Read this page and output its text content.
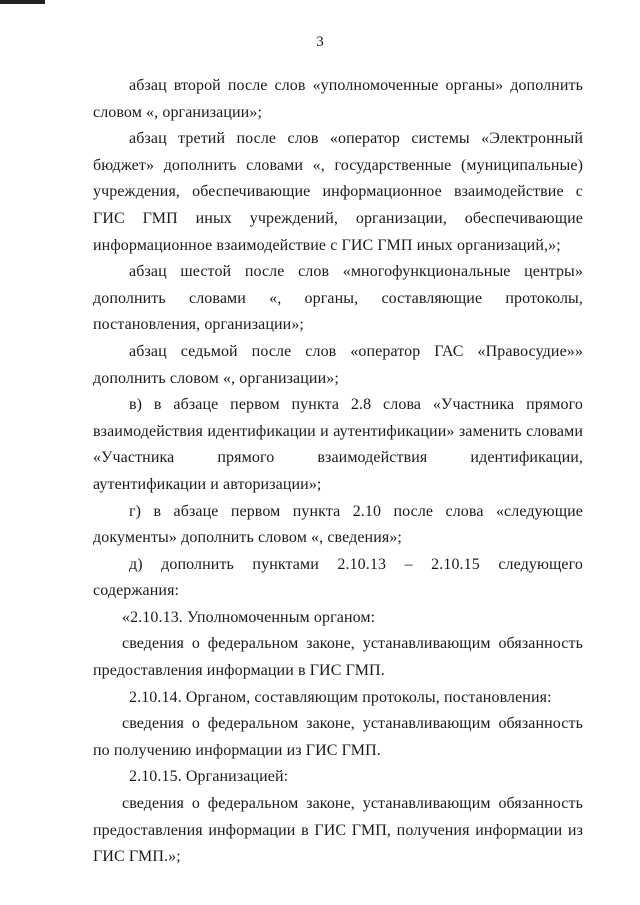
3

абзац второй после слов «уполномоченные органы» дополнить словом «, организации»;

абзац третий после слов «оператор системы «Электронный бюджет» дополнить словами «, государственные (муниципальные) учреждения, обеспечивающие информационное взаимодействие с ГИС ГМП иных учреждений, организации, обеспечивающие информационное взаимодействие с ГИС ГМП иных организаций,»;

абзац шестой после слов «многофункциональные центры» дополнить словами «, органы, составляющие протоколы, постановления, организации»;

абзац седьмой после слов «оператор ГАС «Правосудие»» дополнить словом «, организации»;

в) в абзаце первом пункта 2.8 слова «Участника прямого взаимодействия идентификации и аутентификации» заменить словами «Участника прямого взаимодействия идентификации, аутентификации и авторизации»;

г) в абзаце первом пункта 2.10 после слова «следующие документы» дополнить словом «, сведения»;

д) дополнить пунктами 2.10.13 – 2.10.15 следующего содержания:

«2.10.13. Уполномоченным органом:

сведения о федеральном законе, устанавливающим обязанность предоставления информации в ГИС ГМП.

2.10.14. Органом, составляющим протоколы, постановления:

сведения о федеральном законе, устанавливающим обязанность по получению информации из ГИС ГМП.

2.10.15. Организацией:

сведения о федеральном законе, устанавливающим обязанность предоставления информации в ГИС ГМП, получения информации из ГИС ГМП.»;
